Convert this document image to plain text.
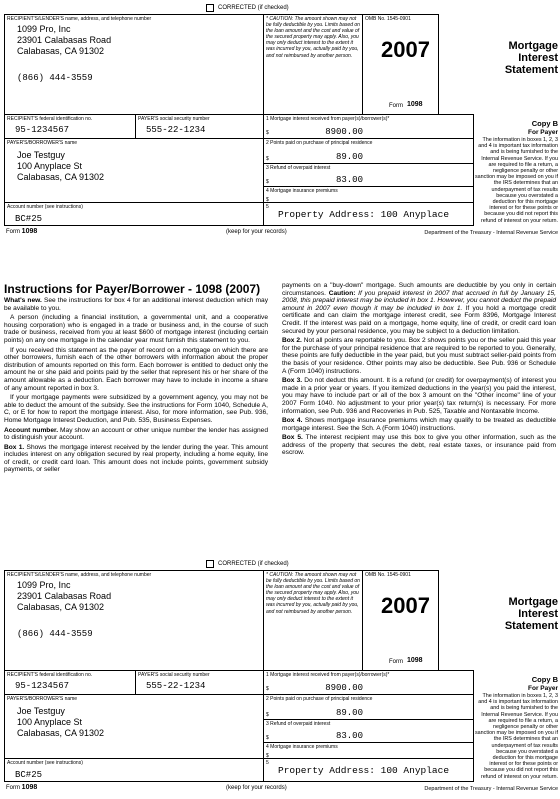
CORRECTED (if checked)
RECIPIENT'S/LENDER'S name, address, and telephone number
1099 Pro, Inc
23901 Calabasas Road
Calabasas, CA 91302
(866) 444-3559
* CAUTION: The amount shown may not be fully deductible by you. Limits based on the loan amount and the cost and value of the secured property may apply. Also, you may only deduct interest to the extent it was incurred by you, actually paid by you, and not reimbursed by another person.
OMB No. 1545-0901
2007
Form 1098
Mortgage
Interest
Statement
RECIPIENT'S federal identification no.
95-1234567
PAYER'S social security number
555-22-1234
1 Mortgage interest received from payer(s)/borrower(s)*
$	8900.00
PAYER'S/BORROWER'S name
Joe Testguy
100 Anyplace St
Calabasas, CA 91302
2 Points paid on purchase of principal residence
$	89.00
3 Refund of overpaid interest
$	83.00
4 Mortgage insurance premiums
$
Account number (see instructions)
BC#25
5
Property Address: 100 Anyplace
Copy B
For Payer
The information in boxes 1, 2, 3 and 4 is important tax information and is being furnished to the Internal Revenue Service. If you are required to file a return, a negligence penalty or other sanction may be imposed on you if the IRS determines that an underpayment of tax results because you overstated a deduction for this mortgage interest or for these points or because you did not report this refund of interest on your return.
Form 1098	(keep for your records)	Department of the Treasury - Internal Revenue Service
Instructions for Payer/Borrower - 1098 (2007)

What's new. See the instructions for box 4 for an additional interest deduction which may be available to you.

A person (including a financial institution, a governmental unit, and a cooperative housing corporation) who is engaged in a trade or business and, in the course of such trade or business, received from you at least $600 of mortgage interest (including certain points) on any one mortgage in the calendar year must furnish this statement to you.

If you received this statement as the payer of record on a mortgage on which there are other borrowers, furnish each of the other borrowers with information about the proper distribution of amounts reported on this form. Each borrower is entitled to deduct only the amount he or she paid and points paid by the seller that represent his or her share of the amount allowable as a deduction. Each borrower may have to include in income a share of any amount reported in box 3.

If your mortgage payments were subsidized by a government agency, you may not be able to deduct the amount of the subsidy. See the instructions for Form 1040, Schedule A, C, or E for how to report the mortgage interest. Also, for more information, see Pub. 936, Home Mortgage Interest Deduction, and Pub. 535, Business Expenses.

Account number. May show an account or other unique number the lender has assigned to distinguish your account.

Box 1. Shows the mortgage interest received by the lender during the year. This amount includes interest on any obligation secured by real property, including a home equity, line of credit, or credit card loan. This amount does not include points, government subsidy payments, or seller

payments on a "buy-down" mortgage. Such amounts are deductible by you only in certain circumstances. Caution: If you prepaid interest in 2007 that accrued in full by January 15, 2008, this prepaid interest may be included in box 1. However, you cannot deduct the prepaid amount in 2007 even though it may be included in box 1. If you hold a mortgage credit certificate and can claim the mortgage interest credit, see Form 8396, Mortgage Interest Credit. If the interest was paid on a mortgage, home equity, line of credit, or credit card loan secured by your personal residence, you may be subject to a deduction limitation.

Box 2. Not all points are reportable to you. Box 2 shows points you or the seller paid this year for the purchase of your principal residence that are required to be reported to you. Generally, these points are fully deductible in the year paid, but you must subtract seller-paid points from the basis of your residence. Other points may also be deductible. See Pub. 936 or Schedule A (Form 1040) instructions.

Box 3. Do not deduct this amount. It is a refund (or credit) for overpayment(s) of interest you made in a prior year or years. If you itemized deductions in the year(s) you paid the interest, you may have to include part or all of the box 3 amount on the "Other income" line of your 2007 Form 1040. No adjustment to your prior year(s) tax return(s) is necessary. For more information, see Pub. 936 and Recoveries in Pub. 525, Taxable and Nontaxable Income.

Box 4. Shows mortgage insurance premiums which may qualify to be treated as deductible mortgage interest. See the Sch. A (Form 1040) instructions.

Box 5. The interest recipient may use this box to give you other information, such as the address of the property that secures the debt, real estate taxes, or insurance paid from escrow.

CORRECTED (if checked)
RECIPIENT'S/LENDER'S name, address, and telephone number
1099 Pro, Inc
23901 Calabasas Road
Calabasas, CA 91302
(866) 444-3559
* CAUTION: The amount shown may not be fully deductible by you. Limits based on the loan amount and the cost and value of the secured property may apply. Also, you may only deduct interest to the extent it was incurred by you, actually paid by you, and not reimbursed by another person.
OMB No. 1545-0901
2007
Form 1098
Mortgage
Interest
Statement
RECIPIENT'S federal identification no.
95-1234567
PAYER'S social security number
555-22-1234
1 Mortgage interest received from payer(s)/borrower(s)*
$	8900.00
PAYER'S/BORROWER'S name
Joe Testguy
100 Anyplace St
Calabasas, CA 91302
2 Points paid on purchase of principal residence
$	89.00
3 Refund of overpaid interest
$	83.00
4 Mortgage insurance premiums
$
Account number (see instructions)
BC#25
5
Property Address: 100 Anyplace
Copy B
For Payer
The information in boxes 1, 2, 3 and 4 is important tax information and is being furnished to the Internal Revenue Service. If you are required to file a return, a negligence penalty or other sanction may be imposed on you if the IRS determines that an underpayment of tax results because you overstated a deduction for this mortgage interest or for these points or because you did not report this refund of interest on your return.
Form 1098	(keep for your records)	Department of the Treasury - Internal Revenue Service
